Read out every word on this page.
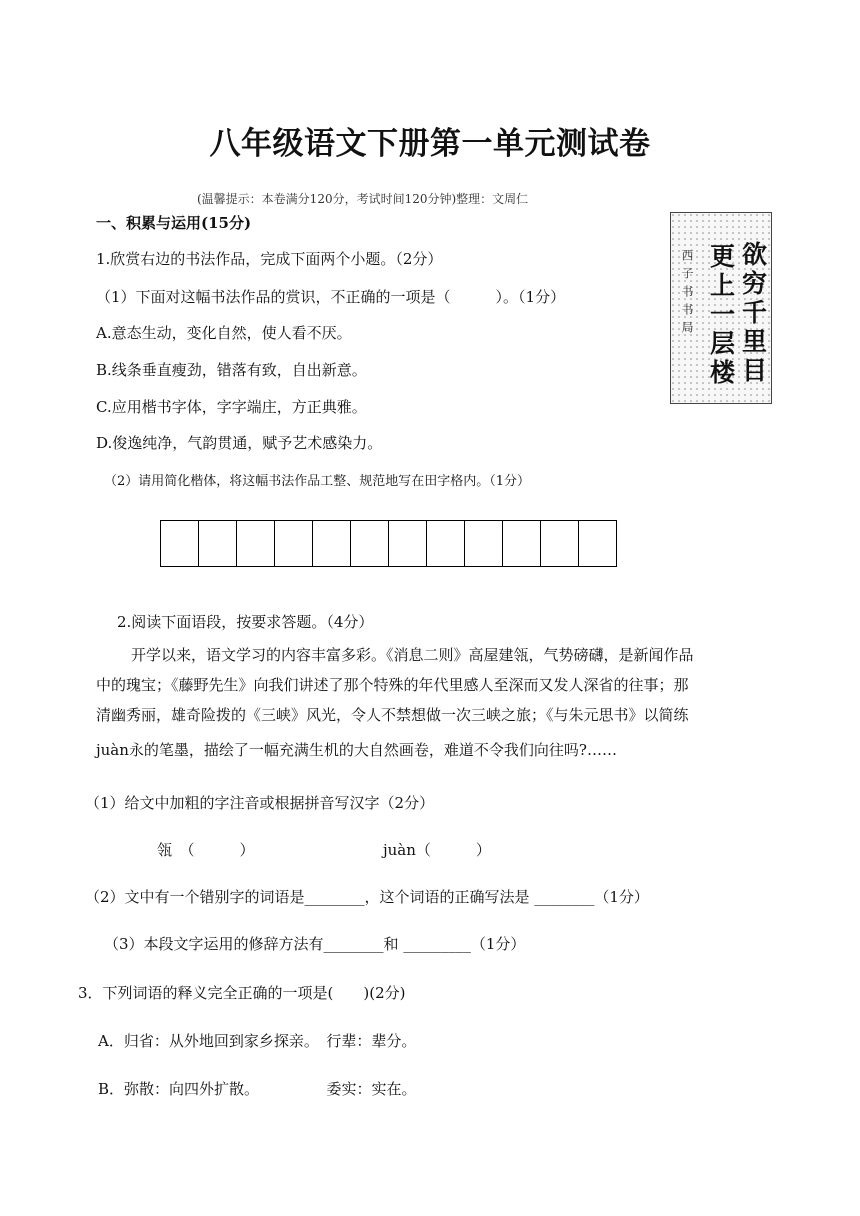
八年级语文下册第一单元测试卷
(温馨提示：本卷满分120分，考试时间120分钟)整理：文周仁
一、积累与运用(15分)
1.欣赏右边的书法作品，完成下面两个小题。（2分）
（1）下面对这幅书法作品的赏识，不正确的一项是（　　　）。（1分）
A.意态生动，变化自然，使人看不厌。
B.线条垂直瘦劲，错落有致，自出新意。
C.应用楷书字体，字字端庄，方正典雅。
D.俊逸纯净，气韵贯通，赋予艺术感染力。
（2）请用简化楷体，将这幅书法作品工整、规范地写在田字格内。（1分）
欲穷千里目
更上一层楼
西子书书局
2.阅读下面语段，按要求答题。（4分）
开学以来，语文学习的内容丰富多彩。《消息二则》高屋建瓴，气势磅礴，是新闻作品
中的瑰宝；《藤野先生》向我们讲述了那个特殊的年代里感人至深而又发人深省的往事；那
清幽秀丽，雄奇险拨的《三峡》风光，令人不禁想做一次三峡之旅；《与朱元思书》以简练
juàn永的笔墨，描绘了一幅充满生机的大自然画卷，难道不令我们向往吗?……
（1）给文中加粗的字注音或根据拼音写汉字（2分）
瓴　（　　　）	juàn（　　　）
（2）文中有一个错别字的词语是________，这个词语的正确写法是 ________（1分）
（3）本段文字运用的修辞方法有________和 _________（1分）
3．下列词语的释义完全正确的一项是(　　)(2分)
A．归省：从外地回到家乡探亲。　行辈：辈分。
B．弥散：向四外扩散。　　　　　委实：实在。
